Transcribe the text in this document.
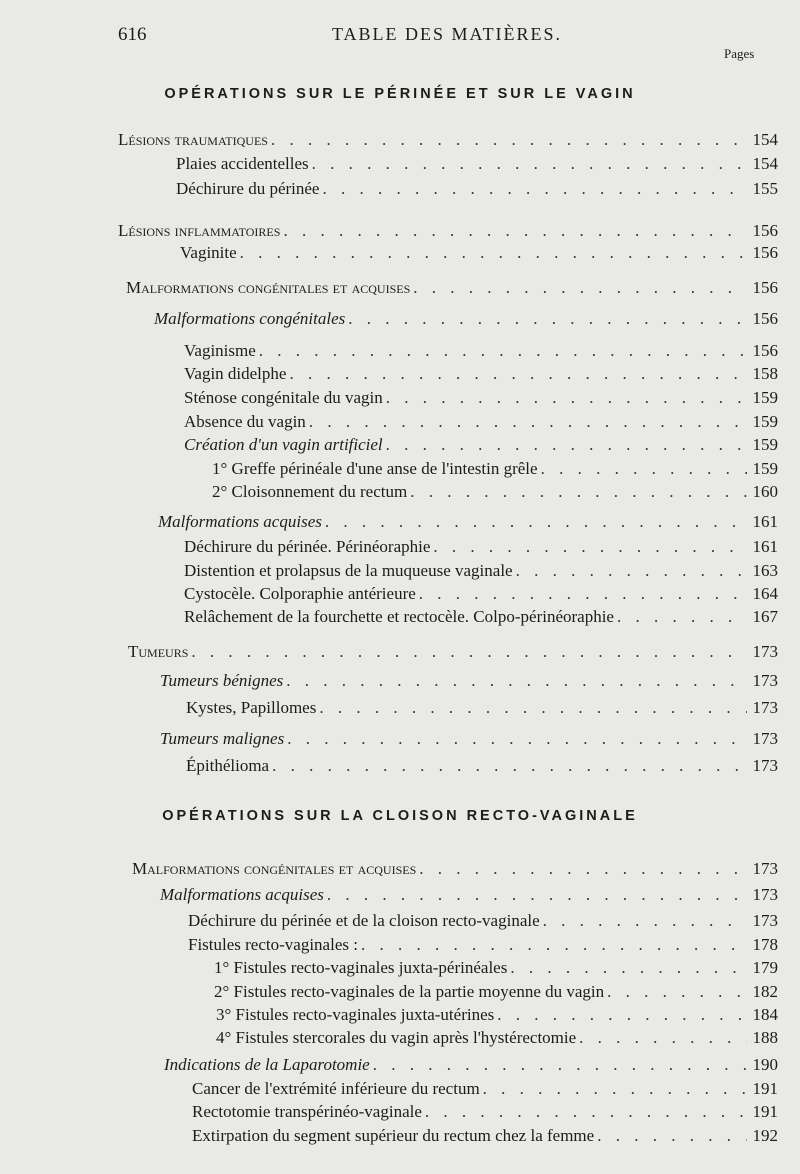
616	TABLE DES MATIÈRES.
Pages
OPÉRATIONS SUR LE PÉRINÉE ET SUR LE VAGIN
Lésions traumatiques . . .	154
Plaies accidentelles . . .	154
Déchirure du périnée . . .	155
Lésions inflammatoires . . .	156
Vaginite . . .	156
Malformations congénitales et acquises . . .	156
Malformations congénitales . . .	156
Vaginisme . . .	156
Vagin didelphe . . .	158
Sténose congénitale du vagin . . .	159
Absence du vagin . . .	159
Création d'un vagin artificiel . . .	159
1° Greffe périnéale d'une anse de l'intestin grêle . . .	159
2° Cloisonnement du rectum . . .	160
Malformations acquises . . .	161
Déchirure du périnée. Périnéoraphie . . .	161
Distention et prolapsus de la muqueuse vaginale . . .	163
Cystocèle. Colporaphie antérieure . . .	164
Relâchement de la fourchette et rectocèle. Colpo-périnéoraphie . . .	167
Tumeurs . . .	173
Tumeurs bénignes . . .	173
Kystes, Papillomes . . .	173
Tumeurs malignes . . .	173
Épithélioma . . .	173
OPÉRATIONS SUR LA CLOISON RECTO-VAGINALE
Malformations congénitales et acquises . . .	173
Malformations acquises . . .	173
Déchirure du périnée et de la cloison recto-vaginale . . .	173
Fistules recto-vaginales : . . .	178
1° Fistules recto-vaginales juxta-périnéales . . .	179
2° Fistules recto-vaginales de la partie moyenne du vagin . . .	182
3° Fistules recto-vaginales juxta-utérines . . .	184
4° Fistules stercorales du vagin après l'hystérectomie . . .	188
Indications de la Laparotomie . . .	190
Cancer de l'extrémité inférieure du rectum . . .	191
Rectotomie transpérinéo-vaginale . . .	191
Extirpation du segment supérieur du rectum chez la femme . . .	192
